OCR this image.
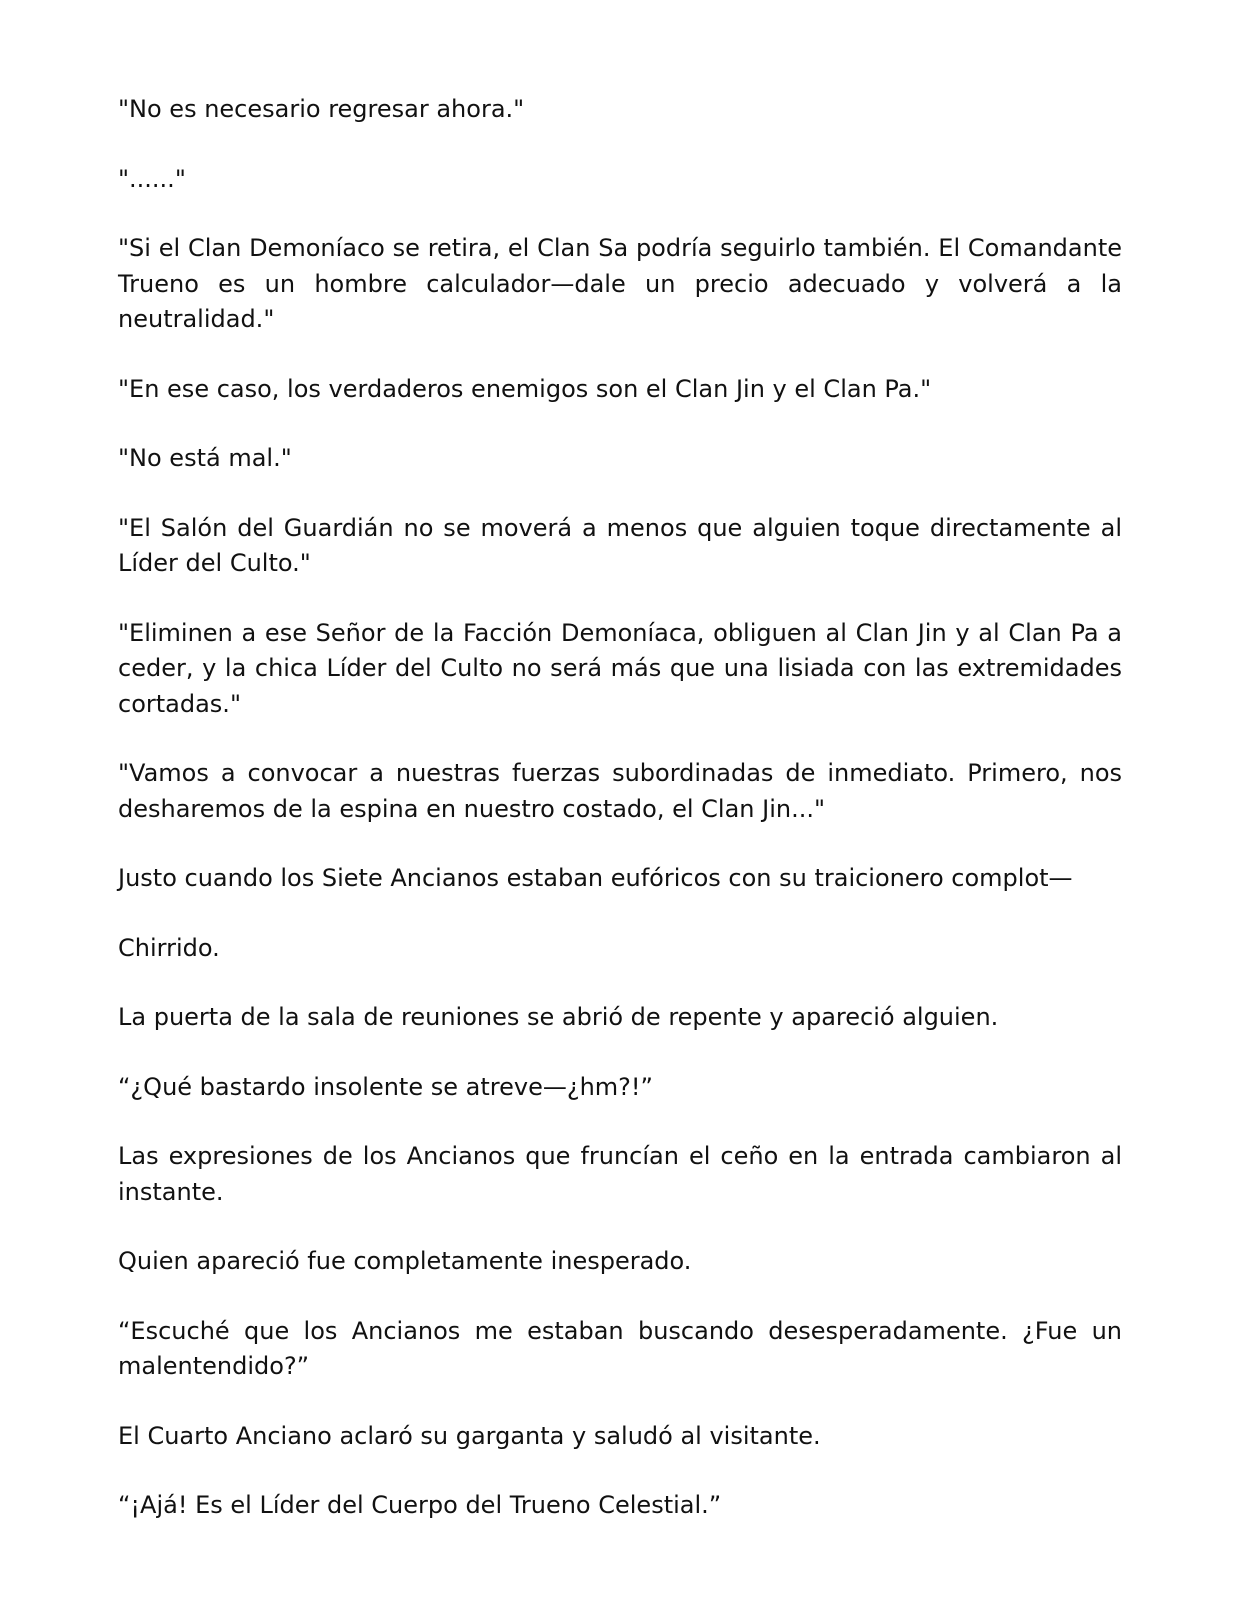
"No es necesario regresar ahora."

"......"

"Si el Clan Demoníaco se retira, el Clan Sa podría seguirlo también. El Comandante Trueno es un hombre calculador—dale un precio adecuado y volverá a la neutralidad."

"En ese caso, los verdaderos enemigos son el Clan Jin y el Clan Pa."

"No está mal."

"El Salón del Guardián no se moverá a menos que alguien toque directamente al Líder del Culto."

"Eliminen a ese Señor de la Facción Demoníaca, obliguen al Clan Jin y al Clan Pa a ceder, y la chica Líder del Culto no será más que una lisiada con las extremidades cortadas."

"Vamos a convocar a nuestras fuerzas subordinadas de inmediato. Primero, nos desharemos de la espina en nuestro costado, el Clan Jin..."

Justo cuando los Siete Ancianos estaban eufóricos con su traicionero complot—

Chirrido.

La puerta de la sala de reuniones se abrió de repente y apareció alguien.

“¿Qué bastardo insolente se atreve—¿hm?!”

Las expresiones de los Ancianos que fruncían el ceño en la entrada cambiaron al instante.

Quien apareció fue completamente inesperado.

“Escuché que los Ancianos me estaban buscando desesperadamente. ¿Fue un malentendido?”

El Cuarto Anciano aclaró su garganta y saludó al visitante.

“¡Ajá! Es el Líder del Cuerpo del Trueno Celestial.”
